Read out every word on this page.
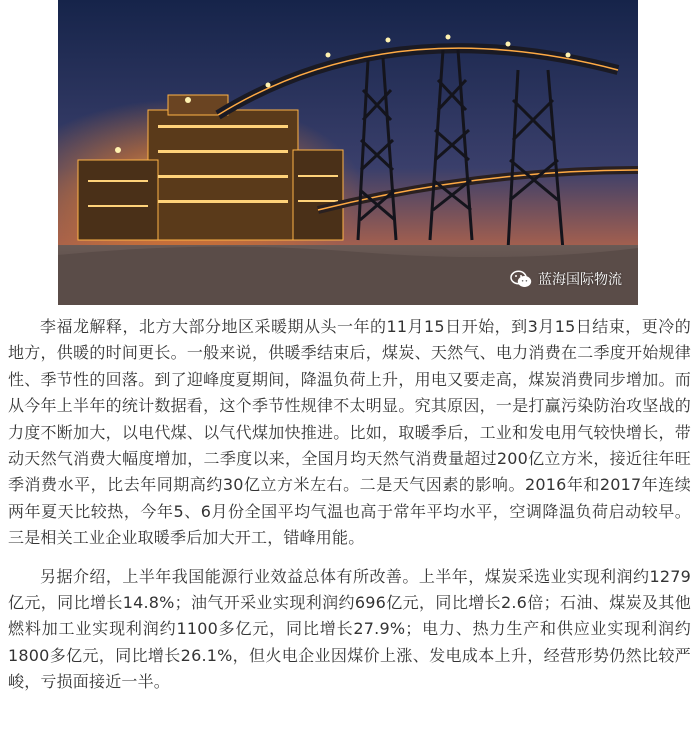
蓝海国际物流

李福龙解释，北方大部分地区采暖期从头一年的11月15日开始，到3月15日结束，更冷的地方，供暖的时间更长。一般来说，供暖季结束后，煤炭、天然气、电力消费在二季度开始规律性、季节性的回落。到了迎峰度夏期间，降温负荷上升，用电又要走高，煤炭消费同步增加。而从今年上半年的统计数据看，这个季节性规律不太明显。究其原因，一是打赢污染防治攻坚战的力度不断加大，以电代煤、以气代煤加快推进。比如，取暖季后，工业和发电用气较快增长，带动天然气消费大幅度增加，二季度以来，全国月均天然气消费量超过200亿立方米，接近往年旺季消费水平，比去年同期高约30亿立方米左右。二是天气因素的影响。2016年和2017年连续两年夏天比较热，今年5、6月份全国平均气温也高于常年平均水平，空调降温负荷启动较早。三是相关工业企业取暖季后加大开工，错峰用能。

另据介绍，上半年我国能源行业效益总体有所改善。上半年，煤炭采选业实现利润约1279亿元，同比增长14.8%；油气开采业实现利润约696亿元，同比增长2.6倍；石油、煤炭及其他燃料加工业实现利润约1100多亿元，同比增长27.9%；电力、热力生产和供应业实现利润约1800多亿元，同比增长26.1%，但火电企业因煤价上涨、发电成本上升，经营形势仍然比较严峻，亏损面接近一半。
